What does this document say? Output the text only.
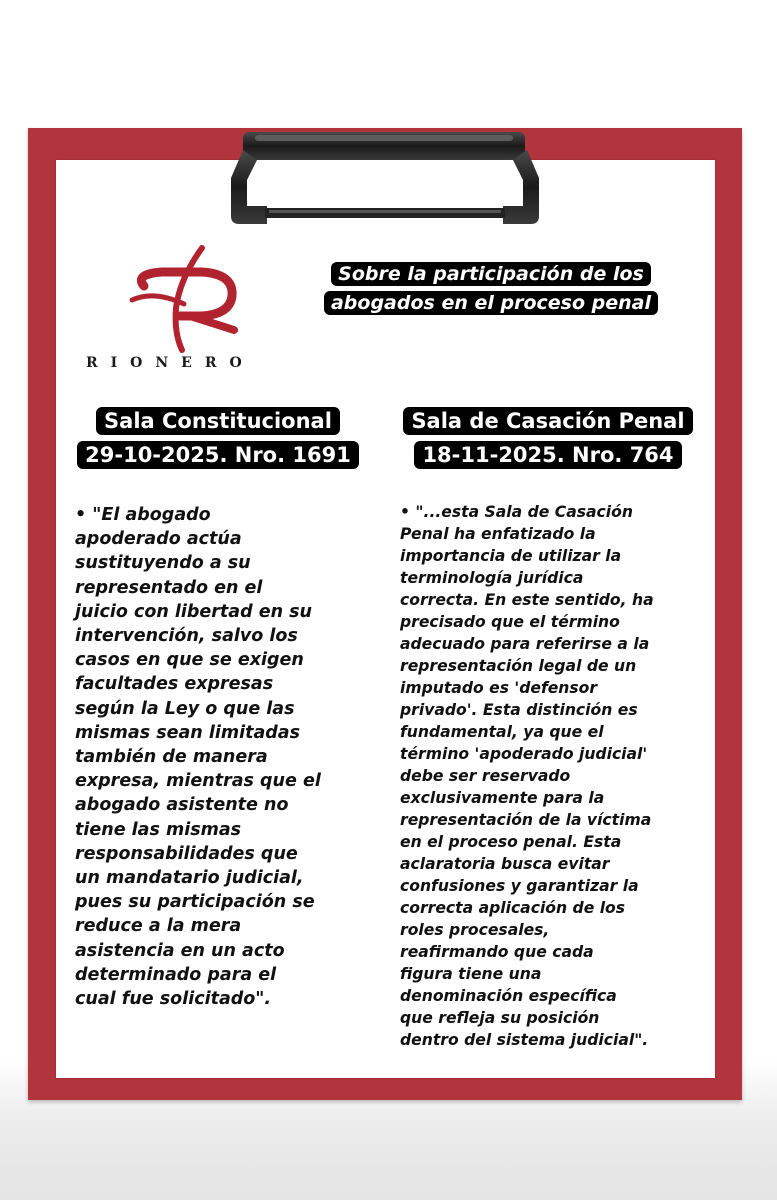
RIONERO
Sobre la participación de los
abogados en el proceso penal
Sala Constitucional
29-10-2025. Nro. 1691
Sala de Casación Penal
18-11-2025. Nro. 764

• "El abogado
apoderado actúa
sustituyendo a su
representado en el
juicio con libertad en su
intervención, salvo los
casos en que se exigen
facultades expresas
según la Ley o que las
mismas sean limitadas
también de manera
expresa, mientras que el
abogado asistente no
tiene las mismas
responsabilidades que
un mandatario judicial,
pues su participación se
reduce a la mera
asistencia en un acto
determinado para el
cual fue solicitado".

• "...esta Sala de Casación
Penal ha enfatizado la
importancia de utilizar la
terminología jurídica
correcta. En este sentido, ha
precisado que el término
adecuado para referirse a la
representación legal de un
imputado es 'defensor
privado'. Esta distinción es
fundamental, ya que el
término 'apoderado judicial'
debe ser reservado
exclusivamente para la
representación de la víctima
en el proceso penal. Esta
aclaratoria busca evitar
confusiones y garantizar la
correcta aplicación de los
roles procesales,
reafirmando que cada
figura tiene una
denominación específica
que refleja su posición
dentro del sistema judicial".
